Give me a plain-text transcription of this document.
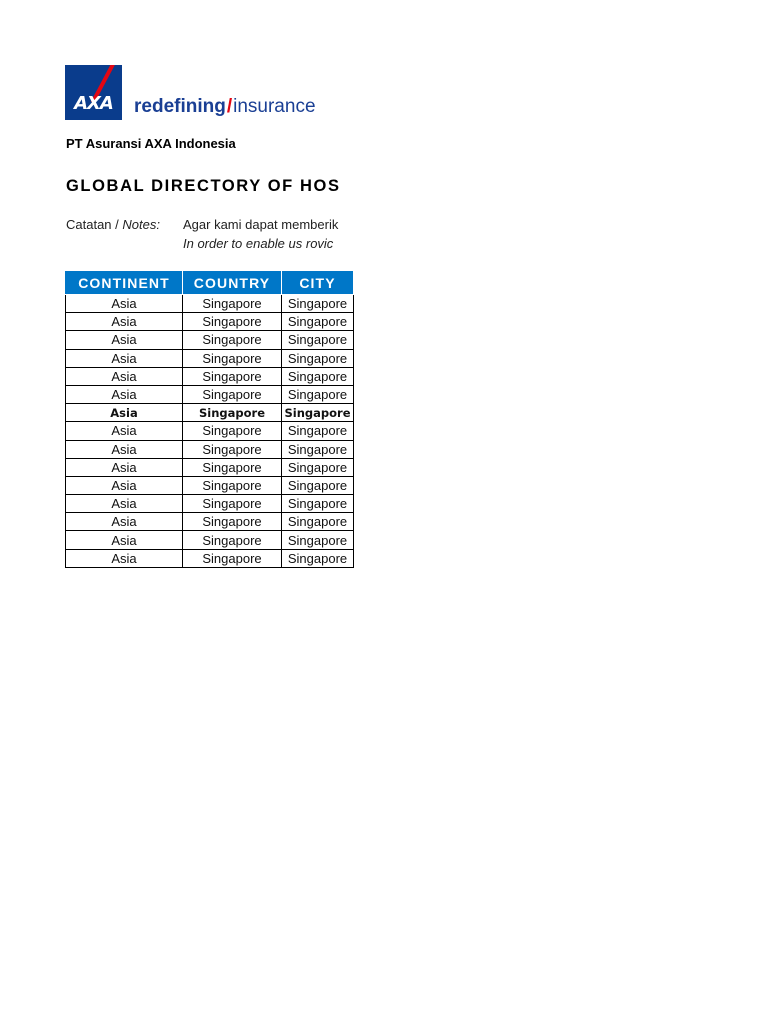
AXA	redefining/insurance
PT Asuransi AXA Indonesia
GLOBAL DIRECTORY OF HOS
Catatan / Notes: Agar kami dapat memberik
In order to enable us rovic
CONTINENT	COUNTRY	CITY	
Asia	Singapore	Singapore	
Asia	Singapore	Singapore	
Asia	Singapore	Singapore	
Asia	Singapore	Singapore	
Asia	Singapore	Singapore	
Asia	Singapore	Singapore	
Asia	Singapore	Singapore	
Asia	Singapore	Singapore	
Asia	Singapore	Singapore	
Asia	Singapore	Singapore	
Asia	Singapore	Singapore	
Asia	Singapore	Singapore	
Asia	Singapore	Singapore	
Asia	Singapore	Singapore	
Asia	Singapore	Singapore	
